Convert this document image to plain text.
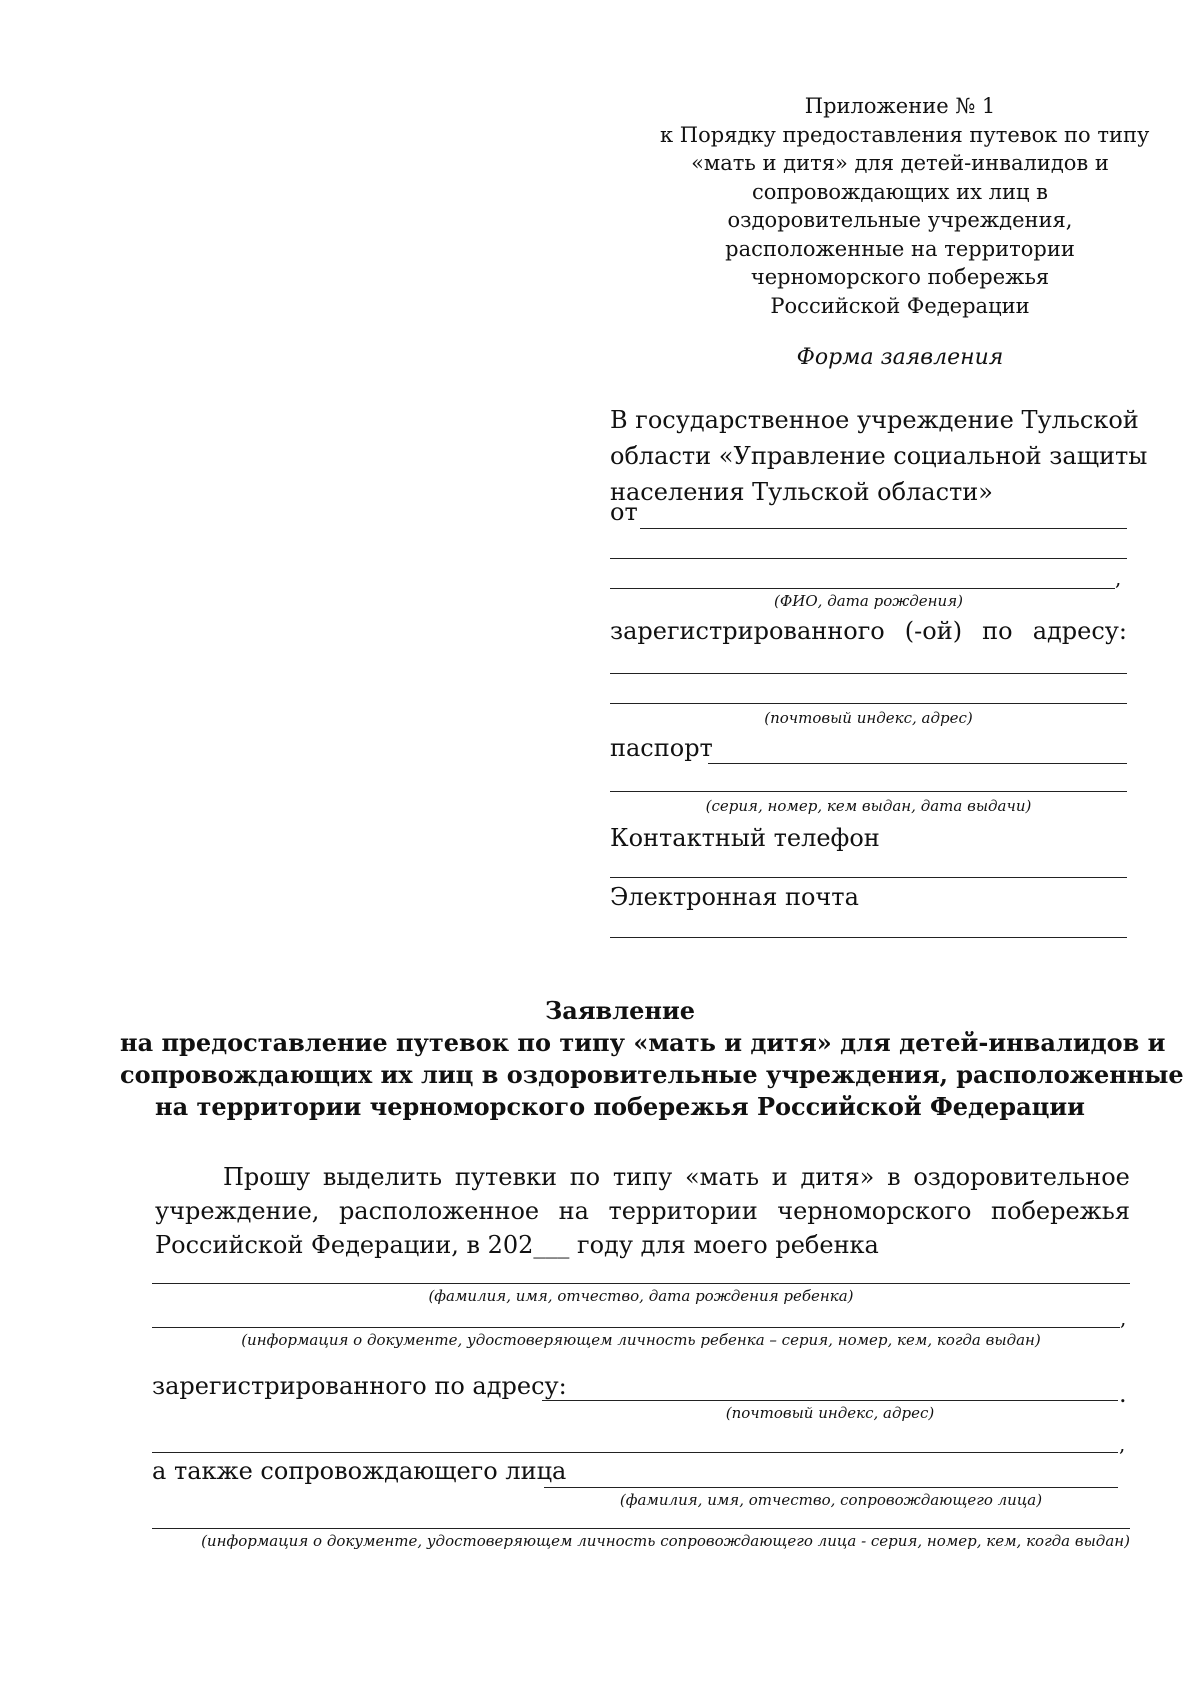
Приложение № 1
к Порядку предоставления путевок по типу
«мать и дитя» для детей-инвалидов и
сопровождающих их лиц в
оздоровительные учреждения,
расположенные на территории
черноморского побережья
Российской Федерации
Форма заявления
В государственное учреждение Тульской
области «Управление социальной защиты
населения Тульской области»
от
,
(ФИО, дата рождения)
зарегистрированного (-ой) по адресу:
(почтовый индекс, адрес)
паспорт
(серия, номер, кем выдан, дата выдачи)
Контактный телефон
Электронная почта
Заявление
на предоставление путевок по типу «мать и дитя» для детей-инвалидов и
сопровождающих их лиц в оздоровительные учреждения, расположенные
на территории черноморского побережья Российской Федерации
Прошу выделить путевки по типу «мать и дитя» в оздоровительное
учреждение, расположенное на территории черноморского побережья
Российской Федерации, в 202___ году для моего ребенка
(фамилия, имя, отчество, дата рождения ребенка)
,
(информация о документе, удостоверяющем личность ребенка – серия, номер, кем, когда выдан)
зарегистрированного по адресу:	.
(почтовый индекс, адрес)
,
а также сопровождающего лица
(фамилия, имя, отчество, сопровождающего лица)
(информация о документе, удостоверяющем личность сопровождающего лица - серия, номер, кем, когда выдан)
